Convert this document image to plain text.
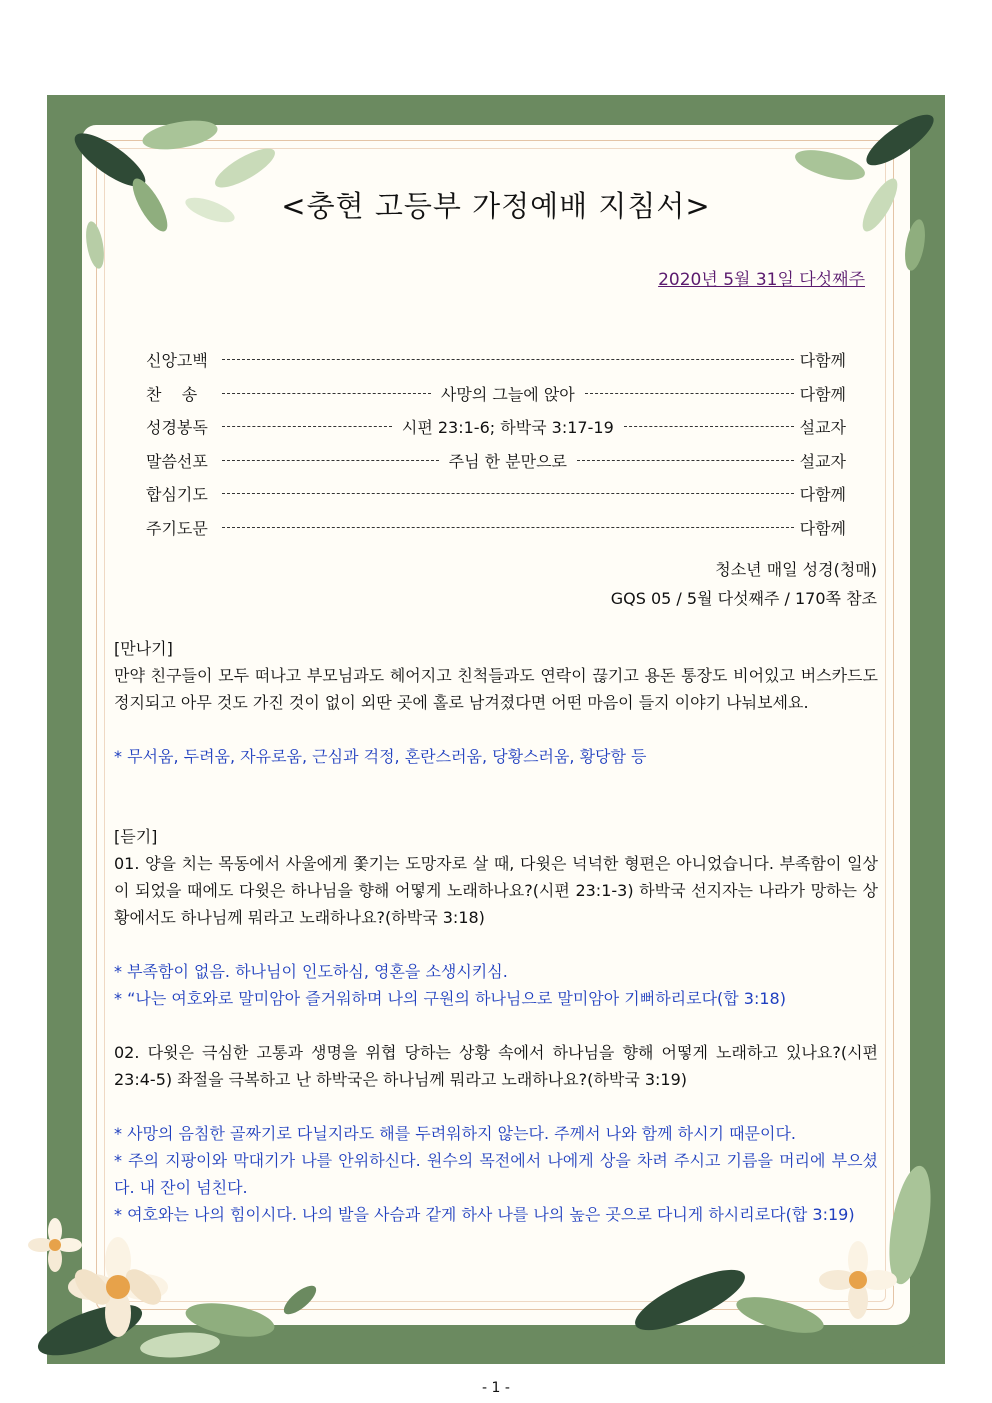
<충현 고등부 가정예배 지침서>
2020년 5월 31일 다섯째주
신앙고백	다함께
찬    송	사망의 그늘에 앉아	다함께
성경봉독	시편 23:1-6; 하박국 3:17-19	설교자
말씀선포	주님 한 분만으로	설교자
합심기도	다함께
주기도문	다함께
청소년 매일 성경(청매)
GQS 05 / 5월 다섯째주 / 170쪽 참조
[만나기]
만약 친구들이 모두 떠나고 부모님과도 헤어지고 친척들과도 연락이 끊기고 용돈 통장도 비어있고 버스카드도 정지되고 아무 것도 가진 것이 없이 외딴 곳에 홀로 남겨졌다면 어떤 마음이 들지 이야기 나눠보세요.
* 무서움, 두려움, 자유로움, 근심과 걱정, 혼란스러움, 당황스러움, 황당함 등
[듣기]
01. 양을 치는 목동에서 사울에게 쫓기는 도망자로 살 때, 다윗은 넉넉한 형편은 아니었습니다. 부족함이 일상이 되었을 때에도 다윗은 하나님을 향해 어떻게 노래하나요?(시편 23:1-3) 하박국 선지자는 나라가 망하는 상황에서도 하나님께 뭐라고 노래하나요?(하박국 3:18)
* 부족함이 없음. 하나님이 인도하심, 영혼을 소생시키심.
* “나는 여호와로 말미암아 즐거워하며 나의 구원의 하나님으로 말미암아 기뻐하리로다(합 3:18)
02. 다윗은 극심한 고통과 생명을 위협 당하는 상황 속에서 하나님을 향해 어떻게 노래하고 있나요?(시편 23:4-5) 좌절을 극복하고 난 하박국은 하나님께 뭐라고 노래하나요?(하박국 3:19)
* 사망의 음침한 골짜기로 다닐지라도 해를 두려워하지 않는다. 주께서 나와 함께 하시기 때문이다.
* 주의 지팡이와 막대기가 나를 안위하신다. 원수의 목전에서 나에게 상을 차려 주시고 기름을 머리에 부으셨다. 내 잔이 넘친다.
* 여호와는 나의 힘이시다. 나의 발을 사슴과 같게 하사 나를 나의 높은 곳으로 다니게 하시리로다(합 3:19)
- 1 -
